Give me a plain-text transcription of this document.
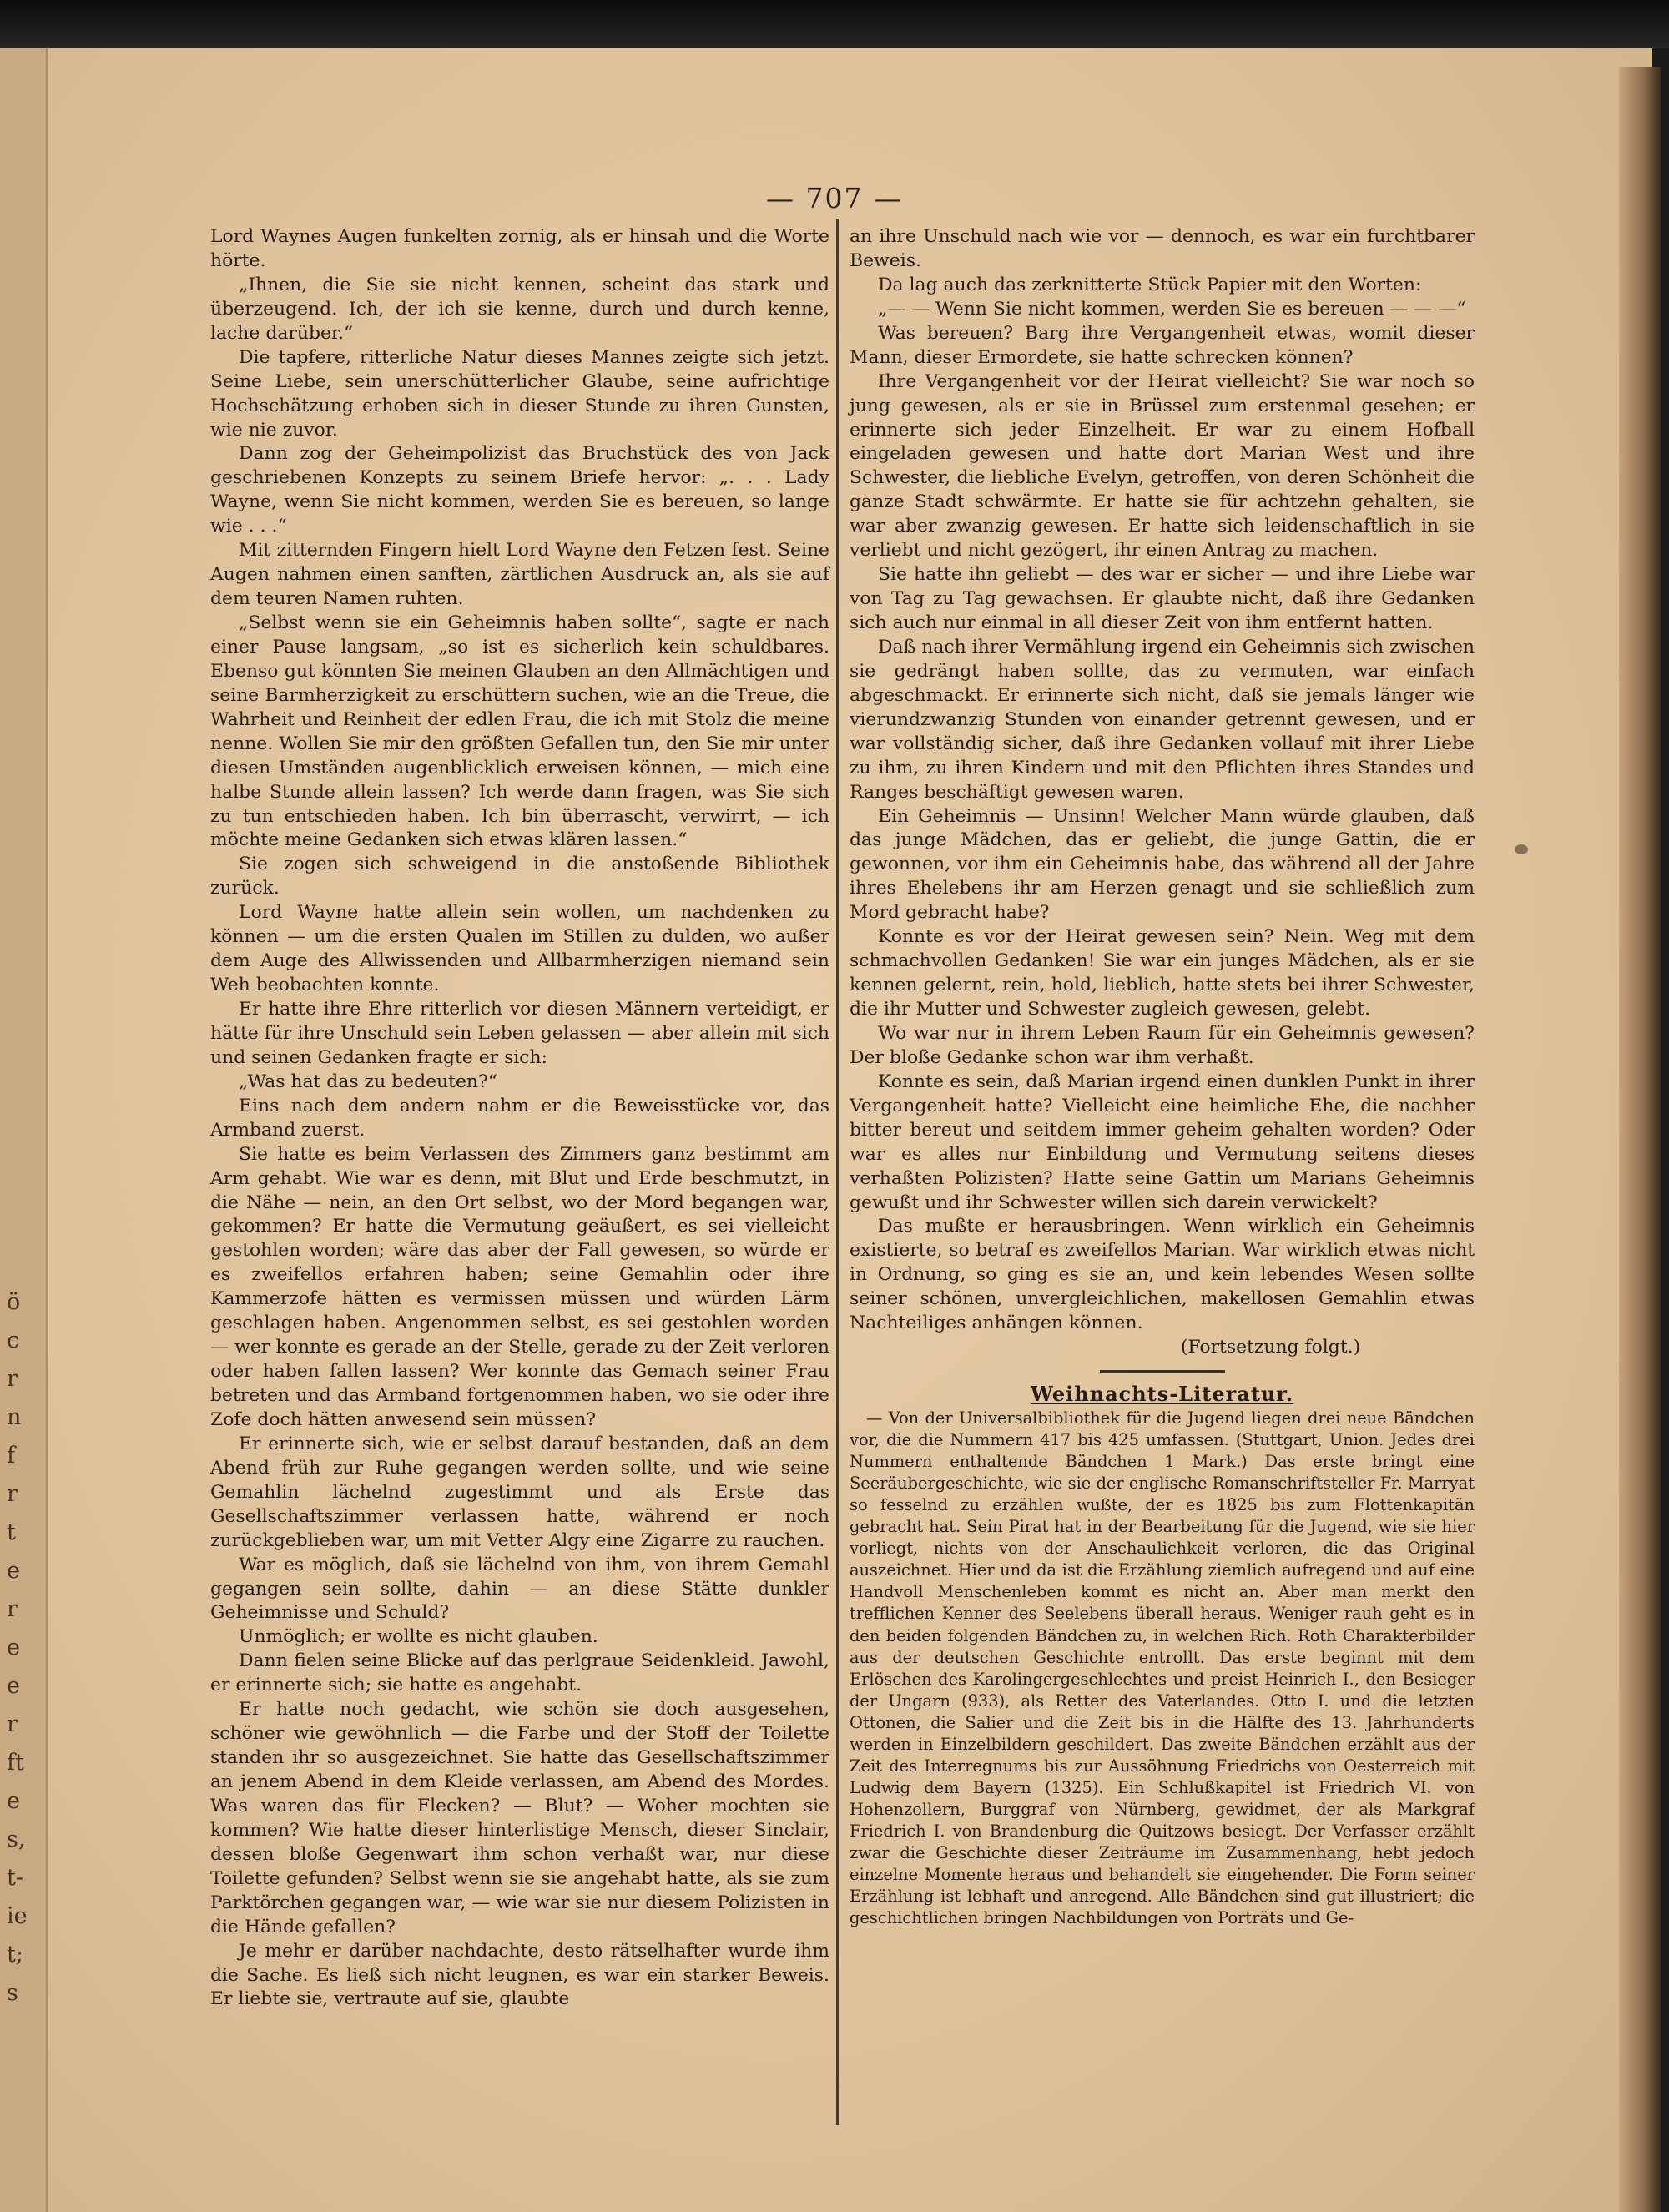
ö
c
r
n
f
r
t
e
r
e
e
r
ft
e
s,
t-
ie
t;
s
— 707 —

Lord Waynes Augen funkelten zornig, als er hinsah und die Worte hörte.

„Ihnen, die Sie sie nicht kennen, scheint das stark und überzeugend. Ich, der ich sie kenne, durch und durch kenne, lache darüber.“

Die tapfere, ritterliche Natur dieses Mannes zeigte sich jetzt. Seine Liebe, sein unerschütterlicher Glaube, seine aufrichtige Hochschätzung erhoben sich in dieser Stunde zu ihren Gunsten, wie nie zuvor.

Dann zog der Geheimpolizist das Bruchstück des von Jack geschriebenen Konzepts zu seinem Briefe hervor: „. . . Lady Wayne, wenn Sie nicht kommen, werden Sie es bereuen, so lange wie . . .“

Mit zitternden Fingern hielt Lord Wayne den Fetzen fest. Seine Augen nahmen einen sanften, zärtlichen Ausdruck an, als sie auf dem teuren Namen ruhten.

„Selbst wenn sie ein Geheimnis haben sollte“, sagte er nach einer Pause langsam, „so ist es sicherlich kein schuldbares. Ebenso gut könnten Sie meinen Glauben an den Allmächtigen und seine Barmherzigkeit zu erschüttern suchen, wie an die Treue, die Wahrheit und Reinheit der edlen Frau, die ich mit Stolz die meine nenne. Wollen Sie mir den größten Gefallen tun, den Sie mir unter diesen Umständen augenblicklich erweisen können, — mich eine halbe Stunde allein lassen? Ich werde dann fragen, was Sie sich zu tun entschieden haben. Ich bin überrascht, verwirrt, — ich möchte meine Gedanken sich etwas klären lassen.“

Sie zogen sich schweigend in die anstoßende Bibliothek zurück.

Lord Wayne hatte allein sein wollen, um nachdenken zu können — um die ersten Qualen im Stillen zu dulden, wo außer dem Auge des Allwissenden und Allbarmherzigen niemand sein Weh beobachten konnte.

Er hatte ihre Ehre ritterlich vor diesen Männern verteidigt, er hätte für ihre Unschuld sein Leben gelassen — aber allein mit sich und seinen Gedanken fragte er sich:

„Was hat das zu bedeuten?“

Eins nach dem andern nahm er die Beweisstücke vor, das Armband zuerst.

Sie hatte es beim Verlassen des Zimmers ganz bestimmt am Arm gehabt. Wie war es denn, mit Blut und Erde beschmutzt, in die Nähe — nein, an den Ort selbst, wo der Mord begangen war, gekommen? Er hatte die Vermutung geäußert, es sei vielleicht gestohlen worden; wäre das aber der Fall gewesen, so würde er es zweifellos erfahren haben; seine Gemahlin oder ihre Kammerzofe hätten es vermissen müssen und würden Lärm geschlagen haben. Angenommen selbst, es sei gestohlen worden — wer konnte es gerade an der Stelle, gerade zu der Zeit verloren oder haben fallen lassen? Wer konnte das Gemach seiner Frau betreten und das Armband fortgenommen haben, wo sie oder ihre Zofe doch hätten anwesend sein müssen?

Er erinnerte sich, wie er selbst darauf bestanden, daß an dem Abend früh zur Ruhe gegangen werden sollte, und wie seine Gemahlin lächelnd zugestimmt und als Erste das Gesellschaftszimmer verlassen hatte, während er noch zurückgeblieben war, um mit Vetter Algy eine Zigarre zu rauchen.

War es möglich, daß sie lächelnd von ihm, von ihrem Gemahl gegangen sein sollte, dahin — an diese Stätte dunkler Geheimnisse und Schuld?

Unmöglich; er wollte es nicht glauben.

Dann fielen seine Blicke auf das perlgraue Seidenkleid. Jawohl, er erinnerte sich; sie hatte es angehabt.

Er hatte noch gedacht, wie schön sie doch ausgesehen, schöner wie gewöhnlich — die Farbe und der Stoff der Toilette standen ihr so ausgezeichnet. Sie hatte das Gesellschaftszimmer an jenem Abend in dem Kleide verlassen, am Abend des Mordes. Was waren das für Flecken? — Blut? — Woher mochten sie kommen? Wie hatte dieser hinterlistige Mensch, dieser Sinclair, dessen bloße Gegenwart ihm schon verhaßt war, nur diese Toilette gefunden? Selbst wenn sie sie angehabt hatte, als sie zum Parktörchen gegangen war, — wie war sie nur diesem Polizisten in die Hände gefallen?

Je mehr er darüber nachdachte, desto rätselhafter wurde ihm die Sache. Es ließ sich nicht leugnen, es war ein starker Beweis. Er liebte sie, vertraute auf sie, glaubte

an ihre Unschuld nach wie vor — dennoch, es war ein furchtbarer Beweis.

Da lag auch das zerknitterte Stück Papier mit den Worten:

„— — Wenn Sie nicht kommen, werden Sie es bereuen — — —“

Was bereuen? Barg ihre Vergangenheit etwas, womit dieser Mann, dieser Ermordete, sie hatte schrecken können?

Ihre Vergangenheit vor der Heirat vielleicht? Sie war noch so jung gewesen, als er sie in Brüssel zum erstenmal gesehen; er erinnerte sich jeder Einzelheit. Er war zu einem Hofball eingeladen gewesen und hatte dort Marian West und ihre Schwester, die liebliche Evelyn, getroffen, von deren Schönheit die ganze Stadt schwärmte. Er hatte sie für achtzehn gehalten, sie war aber zwanzig gewesen. Er hatte sich leidenschaftlich in sie verliebt und nicht gezögert, ihr einen Antrag zu machen.

Sie hatte ihn geliebt — des war er sicher — und ihre Liebe war von Tag zu Tag gewachsen. Er glaubte nicht, daß ihre Gedanken sich auch nur einmal in all dieser Zeit von ihm entfernt hatten.

Daß nach ihrer Vermählung irgend ein Geheimnis sich zwischen sie gedrängt haben sollte, das zu vermuten, war einfach abgeschmackt. Er erinnerte sich nicht, daß sie jemals länger wie vierundzwanzig Stunden von einander getrennt gewesen, und er war vollständig sicher, daß ihre Gedanken vollauf mit ihrer Liebe zu ihm, zu ihren Kindern und mit den Pflichten ihres Standes und Ranges beschäftigt gewesen waren.

Ein Geheimnis — Unsinn! Welcher Mann würde glauben, daß das junge Mädchen, das er geliebt, die junge Gattin, die er gewonnen, vor ihm ein Geheimnis habe, das während all der Jahre ihres Ehelebens ihr am Herzen genagt und sie schließlich zum Mord gebracht habe?

Konnte es vor der Heirat gewesen sein? Nein. Weg mit dem schmachvollen Gedanken! Sie war ein junges Mädchen, als er sie kennen gelernt, rein, hold, lieblich, hatte stets bei ihrer Schwester, die ihr Mutter und Schwester zugleich gewesen, gelebt.

Wo war nur in ihrem Leben Raum für ein Geheimnis gewesen? Der bloße Gedanke schon war ihm verhaßt.

Konnte es sein, daß Marian irgend einen dunklen Punkt in ihrer Vergangenheit hatte? Vielleicht eine heimliche Ehe, die nachher bitter bereut und seitdem immer geheim gehalten worden? Oder war es alles nur Einbildung und Vermutung seitens dieses verhaßten Polizisten? Hatte seine Gattin um Marians Geheimnis gewußt und ihr Schwester willen sich darein verwickelt?

Das mußte er herausbringen. Wenn wirklich ein Geheimnis existierte, so betraf es zweifellos Marian. War wirklich etwas nicht in Ordnung, so ging es sie an, und kein lebendes Wesen sollte seiner schönen, unvergleichlichen, makellosen Gemahlin etwas Nachteiliges anhängen können.

(Fortsetzung folgt.)

Weihnachts-Literatur.

— Von der Universalbibliothek für die Jugend liegen drei neue Bändchen vor, die die Nummern 417 bis 425 umfassen. (Stuttgart, Union. Jedes drei Nummern enthaltende Bändchen 1 Mark.) Das erste bringt eine Seeräubergeschichte, wie sie der englische Romanschriftsteller Fr. Marryat so fesselnd zu erzählen wußte, der es 1825 bis zum Flottenkapitän gebracht hat. Sein Pirat hat in der Bearbeitung für die Jugend, wie sie hier vorliegt, nichts von der Anschaulichkeit verloren, die das Original auszeichnet. Hier und da ist die Erzählung ziemlich aufregend und auf eine Handvoll Menschenleben kommt es nicht an. Aber man merkt den trefflichen Kenner des Seelebens überall heraus. Weniger rauh geht es in den beiden folgenden Bändchen zu, in welchen Rich. Roth Charakterbilder aus der deutschen Geschichte entrollt. Das erste beginnt mit dem Erlöschen des Karolingergeschlechtes und preist Heinrich I., den Besieger der Ungarn (933), als Retter des Vaterlandes. Otto I. und die letzten Ottonen, die Salier und die Zeit bis in die Hälfte des 13. Jahrhunderts werden in Einzelbildern geschildert. Das zweite Bändchen erzählt aus der Zeit des Interregnums bis zur Aussöhnung Friedrichs von Oesterreich mit Ludwig dem Bayern (1325). Ein Schlußkapitel ist Friedrich VI. von Hohenzollern, Burggraf von Nürnberg, gewidmet, der als Markgraf Friedrich I. von Brandenburg die Quitzows besiegt. Der Verfasser erzählt zwar die Geschichte dieser Zeiträume im Zusammenhang, hebt jedoch einzelne Momente heraus und behandelt sie eingehender. Die Form seiner Erzählung ist lebhaft und anregend. Alle Bändchen sind gut illustriert; die geschichtlichen bringen Nachbildungen von Porträts und Ge-
